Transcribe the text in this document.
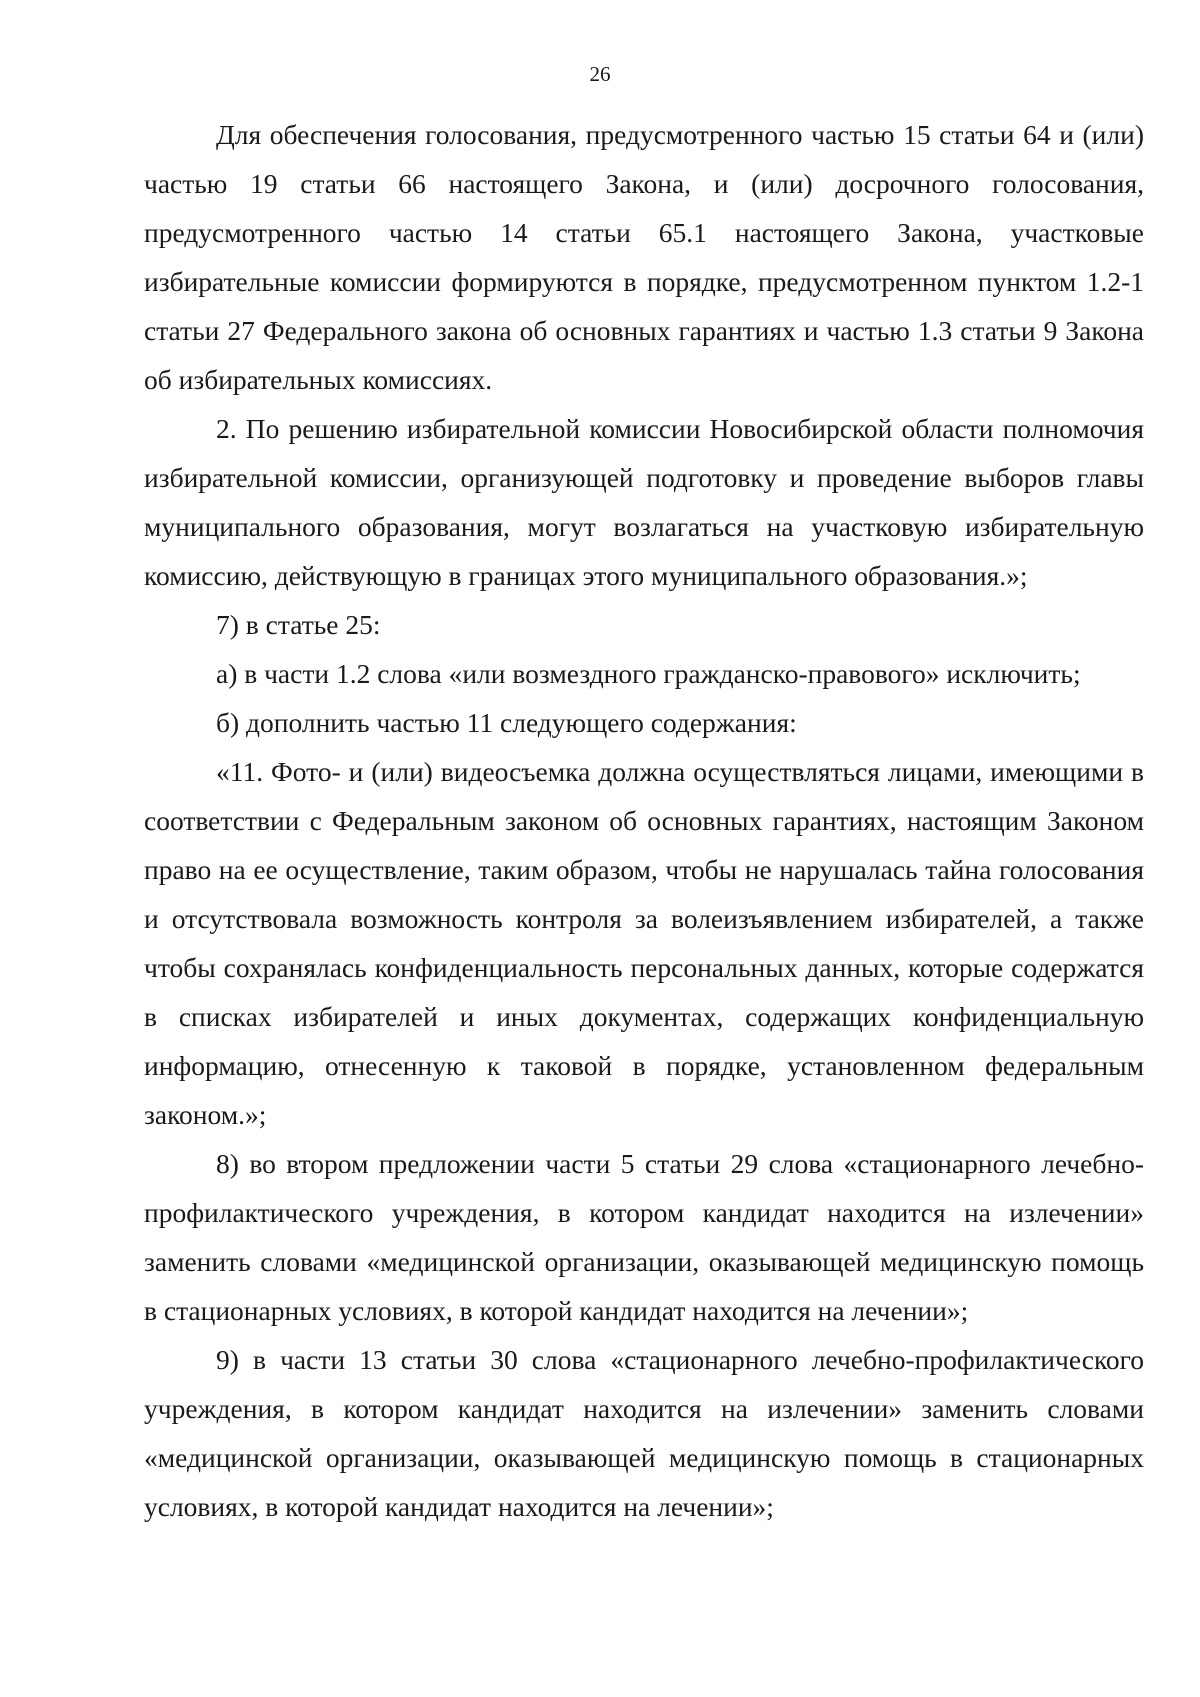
26

Для обеспечения голосования, предусмотренного частью 15 статьи 64 и (или) частью 19 статьи 66 настоящего Закона, и (или) досрочного голосования, предусмотренного частью 14 статьи 65.1 настоящего Закона, участковые избирательные комиссии формируются в порядке, предусмотренном пунктом 1.2-1 статьи 27 Федерального закона об основных гарантиях и частью 1.3 статьи 9 Закона об избирательных комиссиях.

2. По решению избирательной комиссии Новосибирской области полномочия избирательной комиссии, организующей подготовку и проведение выборов главы муниципального образования, могут возлагаться на участковую избирательную комиссию, действующую в границах этого муниципального образования.»;

7) в статье 25:

а) в части 1.2 слова «или возмездного гражданско-правового» исключить;

б) дополнить частью 11 следующего содержания:

«11. Фото- и (или) видеосъемка должна осуществляться лицами, имеющими в соответствии с Федеральным законом об основных гарантиях, настоящим Законом право на ее осуществление, таким образом, чтобы не нарушалась тайна голосования и отсутствовала возможность контроля за волеизъявлением избирателей, а также чтобы сохранялась конфиденциальность персональных данных, которые содержатся в списках избирателей и иных документах, содержащих конфиденциальную информацию, отнесенную к таковой в порядке, установленном федеральным законом.»;

8) во втором предложении части 5 статьи 29 слова «стационарного лечебно-профилактического учреждения, в котором кандидат находится на излечении» заменить словами «медицинской организации, оказывающей медицинскую помощь в стационарных условиях, в которой кандидат находится на лечении»;

9) в части 13 статьи 30 слова «стационарного лечебно-профилактического учреждения, в котором кандидат находится на излечении» заменить словами «медицинской организации, оказывающей медицинскую помощь в стационарных условиях, в которой кандидат находится на лечении»;
